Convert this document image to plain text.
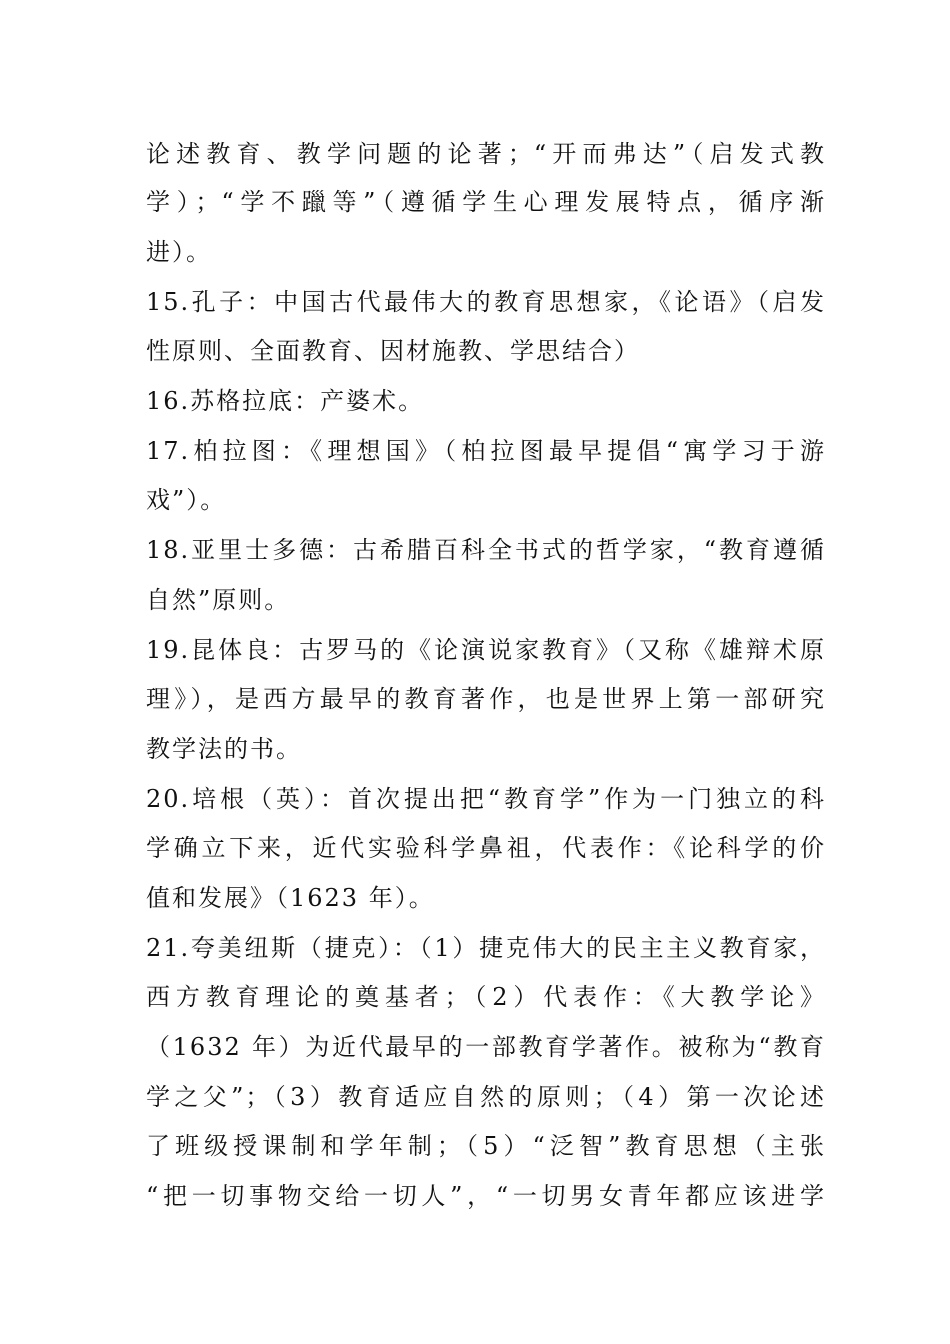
论述教育、教学问题的论著；“开而弗达”（启发式教
学）；“学不躐等”（遵循学生心理发展特点，循序渐
进）。
15.孔子：中国古代最伟大的教育思想家，《论语》（启发
性原则、全面教育、因材施教、学思结合）
16.苏格拉底：产婆术。
17.柏拉图：《理想国》（柏拉图最早提倡“寓学习于游
戏”）。
18.亚里士多德：古希腊百科全书式的哲学家，“教育遵循
自然”原则。
19.昆体良：古罗马的《论演说家教育》（又称《雄辩术原
理》），是西方最早的教育著作，也是世界上第一部研究
教学法的书。
20.培根（英）：首次提出把“教育学”作为一门独立的科
学确立下来，近代实验科学鼻祖，代表作：《论科学的价
值和发展》（1623 年）。
21.夸美纽斯（捷克）：（1）捷克伟大的民主主义教育家，
西方教育理论的奠基者；（2）代表作：《大教学论》
（1632 年）为近代最早的一部教育学著作。被称为“教育
学之父”；（3）教育适应自然的原则；（4）第一次论述
了班级授课制和学年制；（5）“泛智”教育思想（主张
“把一切事物交给一切人”，“一切男女青年都应该进学
